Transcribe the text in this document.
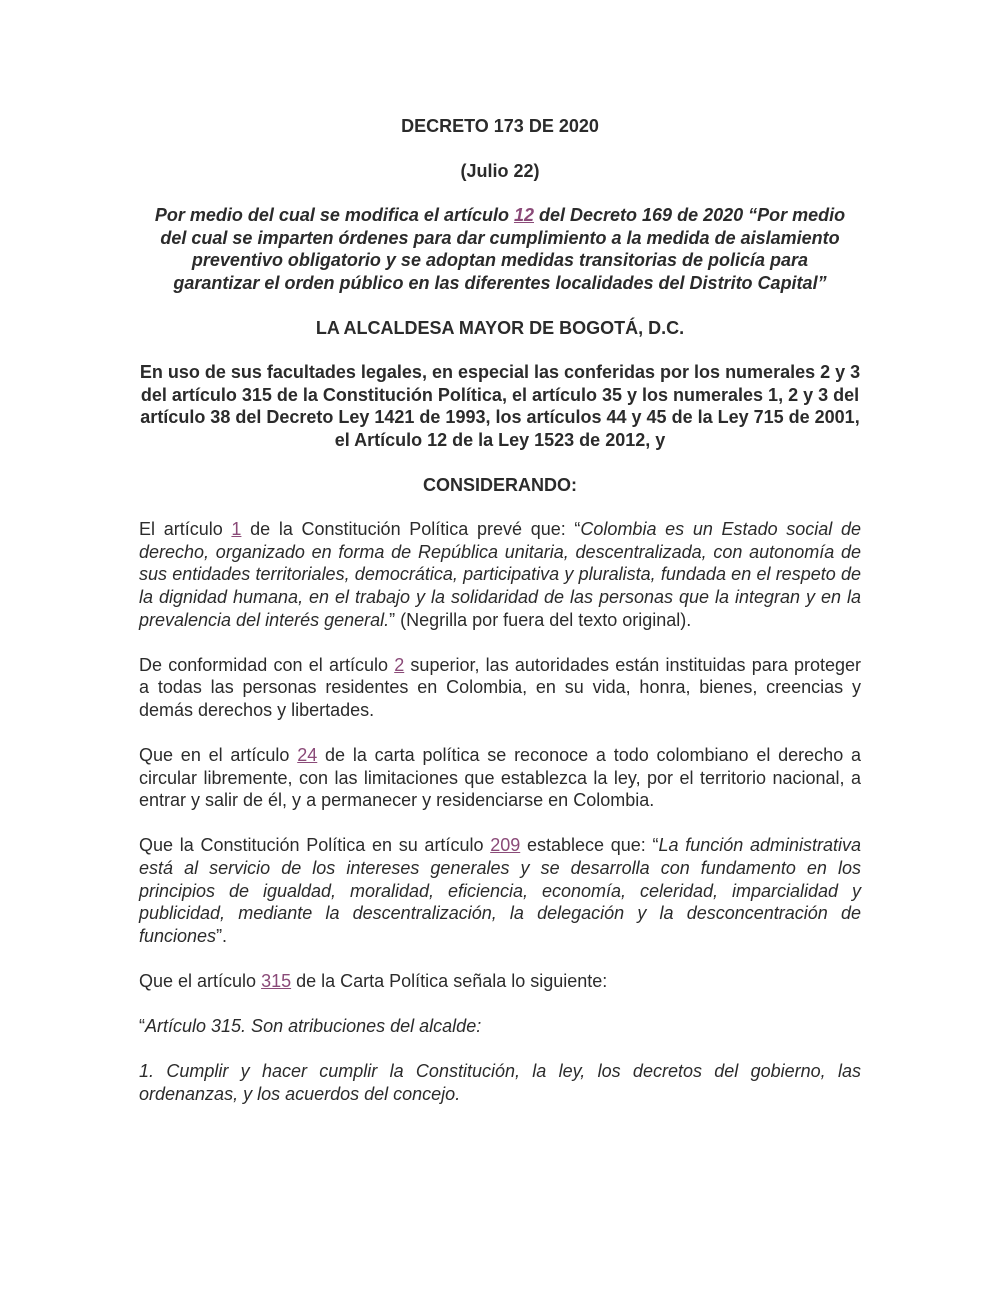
DECRETO 173 DE 2020
(Julio 22)
Por medio del cual se modifica el artículo 12 del Decreto 169 de 2020 “Por medio del cual se imparten órdenes para dar cumplimiento a la medida de aislamiento preventivo obligatorio y se adoptan medidas transitorias de policía para garantizar el orden público en las diferentes localidades del Distrito Capital”
LA ALCALDESA MAYOR DE BOGOTÁ, D.C.
En uso de sus facultades legales, en especial las conferidas por los numerales 2 y 3 del artículo 315 de la Constitución Política, el artículo 35 y los numerales 1, 2 y 3 del artículo 38 del Decreto Ley 1421 de 1993, los artículos 44 y 45 de la Ley 715 de 2001, el Artículo 12 de la Ley 1523 de 2012, y
CONSIDERANDO:

El artículo 1 de la Constitución Política prevé que: “Colombia es un Estado social de derecho, organizado en forma de República unitaria, descentralizada, con autonomía de sus entidades territoriales, democrática, participativa y pluralista, fundada en el respeto de la dignidad humana, en el trabajo y la solidaridad de las personas que la integran y en la prevalencia del interés general.” (Negrilla por fuera del texto original).

De conformidad con el artículo 2 superior, las autoridades están instituidas para proteger a todas las personas residentes en Colombia, en su vida, honra, bienes, creencias y demás derechos y libertades.

Que en el artículo 24 de la carta política se reconoce a todo colombiano el derecho a circular libremente, con las limitaciones que establezca la ley, por el territorio nacional, a entrar y salir de él, y a permanecer y residenciarse en Colombia.

Que la Constitución Política en su artículo 209 establece que: “La función administrativa está al servicio de los intereses generales y se desarrolla con fundamento en los principios de igualdad, moralidad, eficiencia, economía, celeridad, imparcialidad y publicidad, mediante la descentralización, la delegación y la desconcentración de funciones”.

Que el artículo 315 de la Carta Política señala lo siguiente:

“Artículo 315. Son atribuciones del alcalde:

1. Cumplir y hacer cumplir la Constitución, la ley, los decretos del gobierno, las ordenanzas, y los acuerdos del concejo.
